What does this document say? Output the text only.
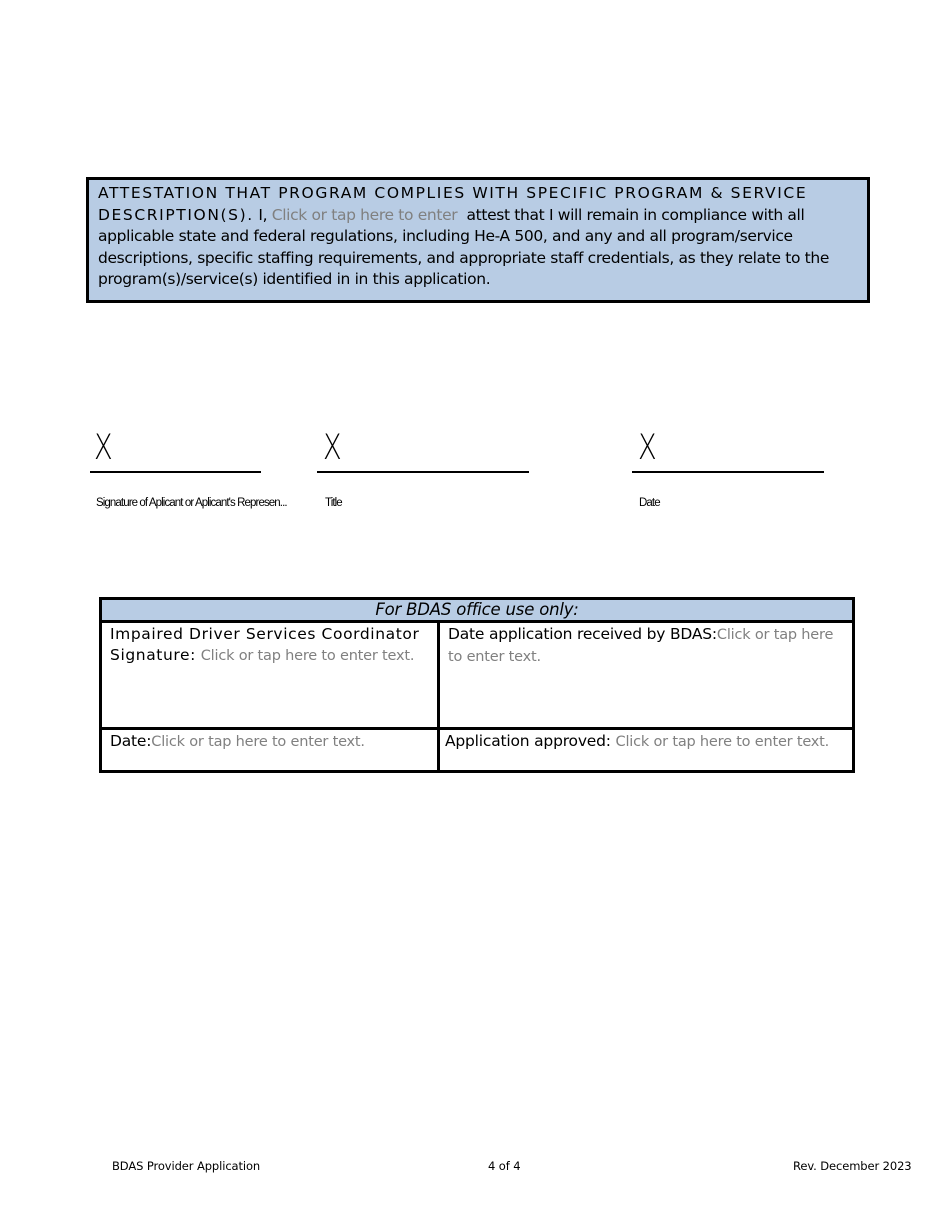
ATTESTATION THAT PROGRAM COMPLIES WITH SPECIFIC PROGRAM & SERVICE DESCRIPTION(S). I, Click or tap here to enter attest that I will remain in compliance with all applicable state and federal regulations, including He-A 500, and any and all program/service descriptions, specific staffing requirements, and appropriate staff credentials, as they relate to the program(s)/service(s) identified in in this application.

X
Signature of Aplicant or Aplicant's Represen...
X
Title
X
Date
For BDAS office use only:	
Impaired Driver Services Coordinator Signature: Click or tap here to enter text.	Date application received by BDAS:Click or tap here to enter text.
Date:Click or tap here to enter text.	Application approved: Click or tap here to enter text.
BDAS Provider Application	4 of 4	Rev. December 2023
